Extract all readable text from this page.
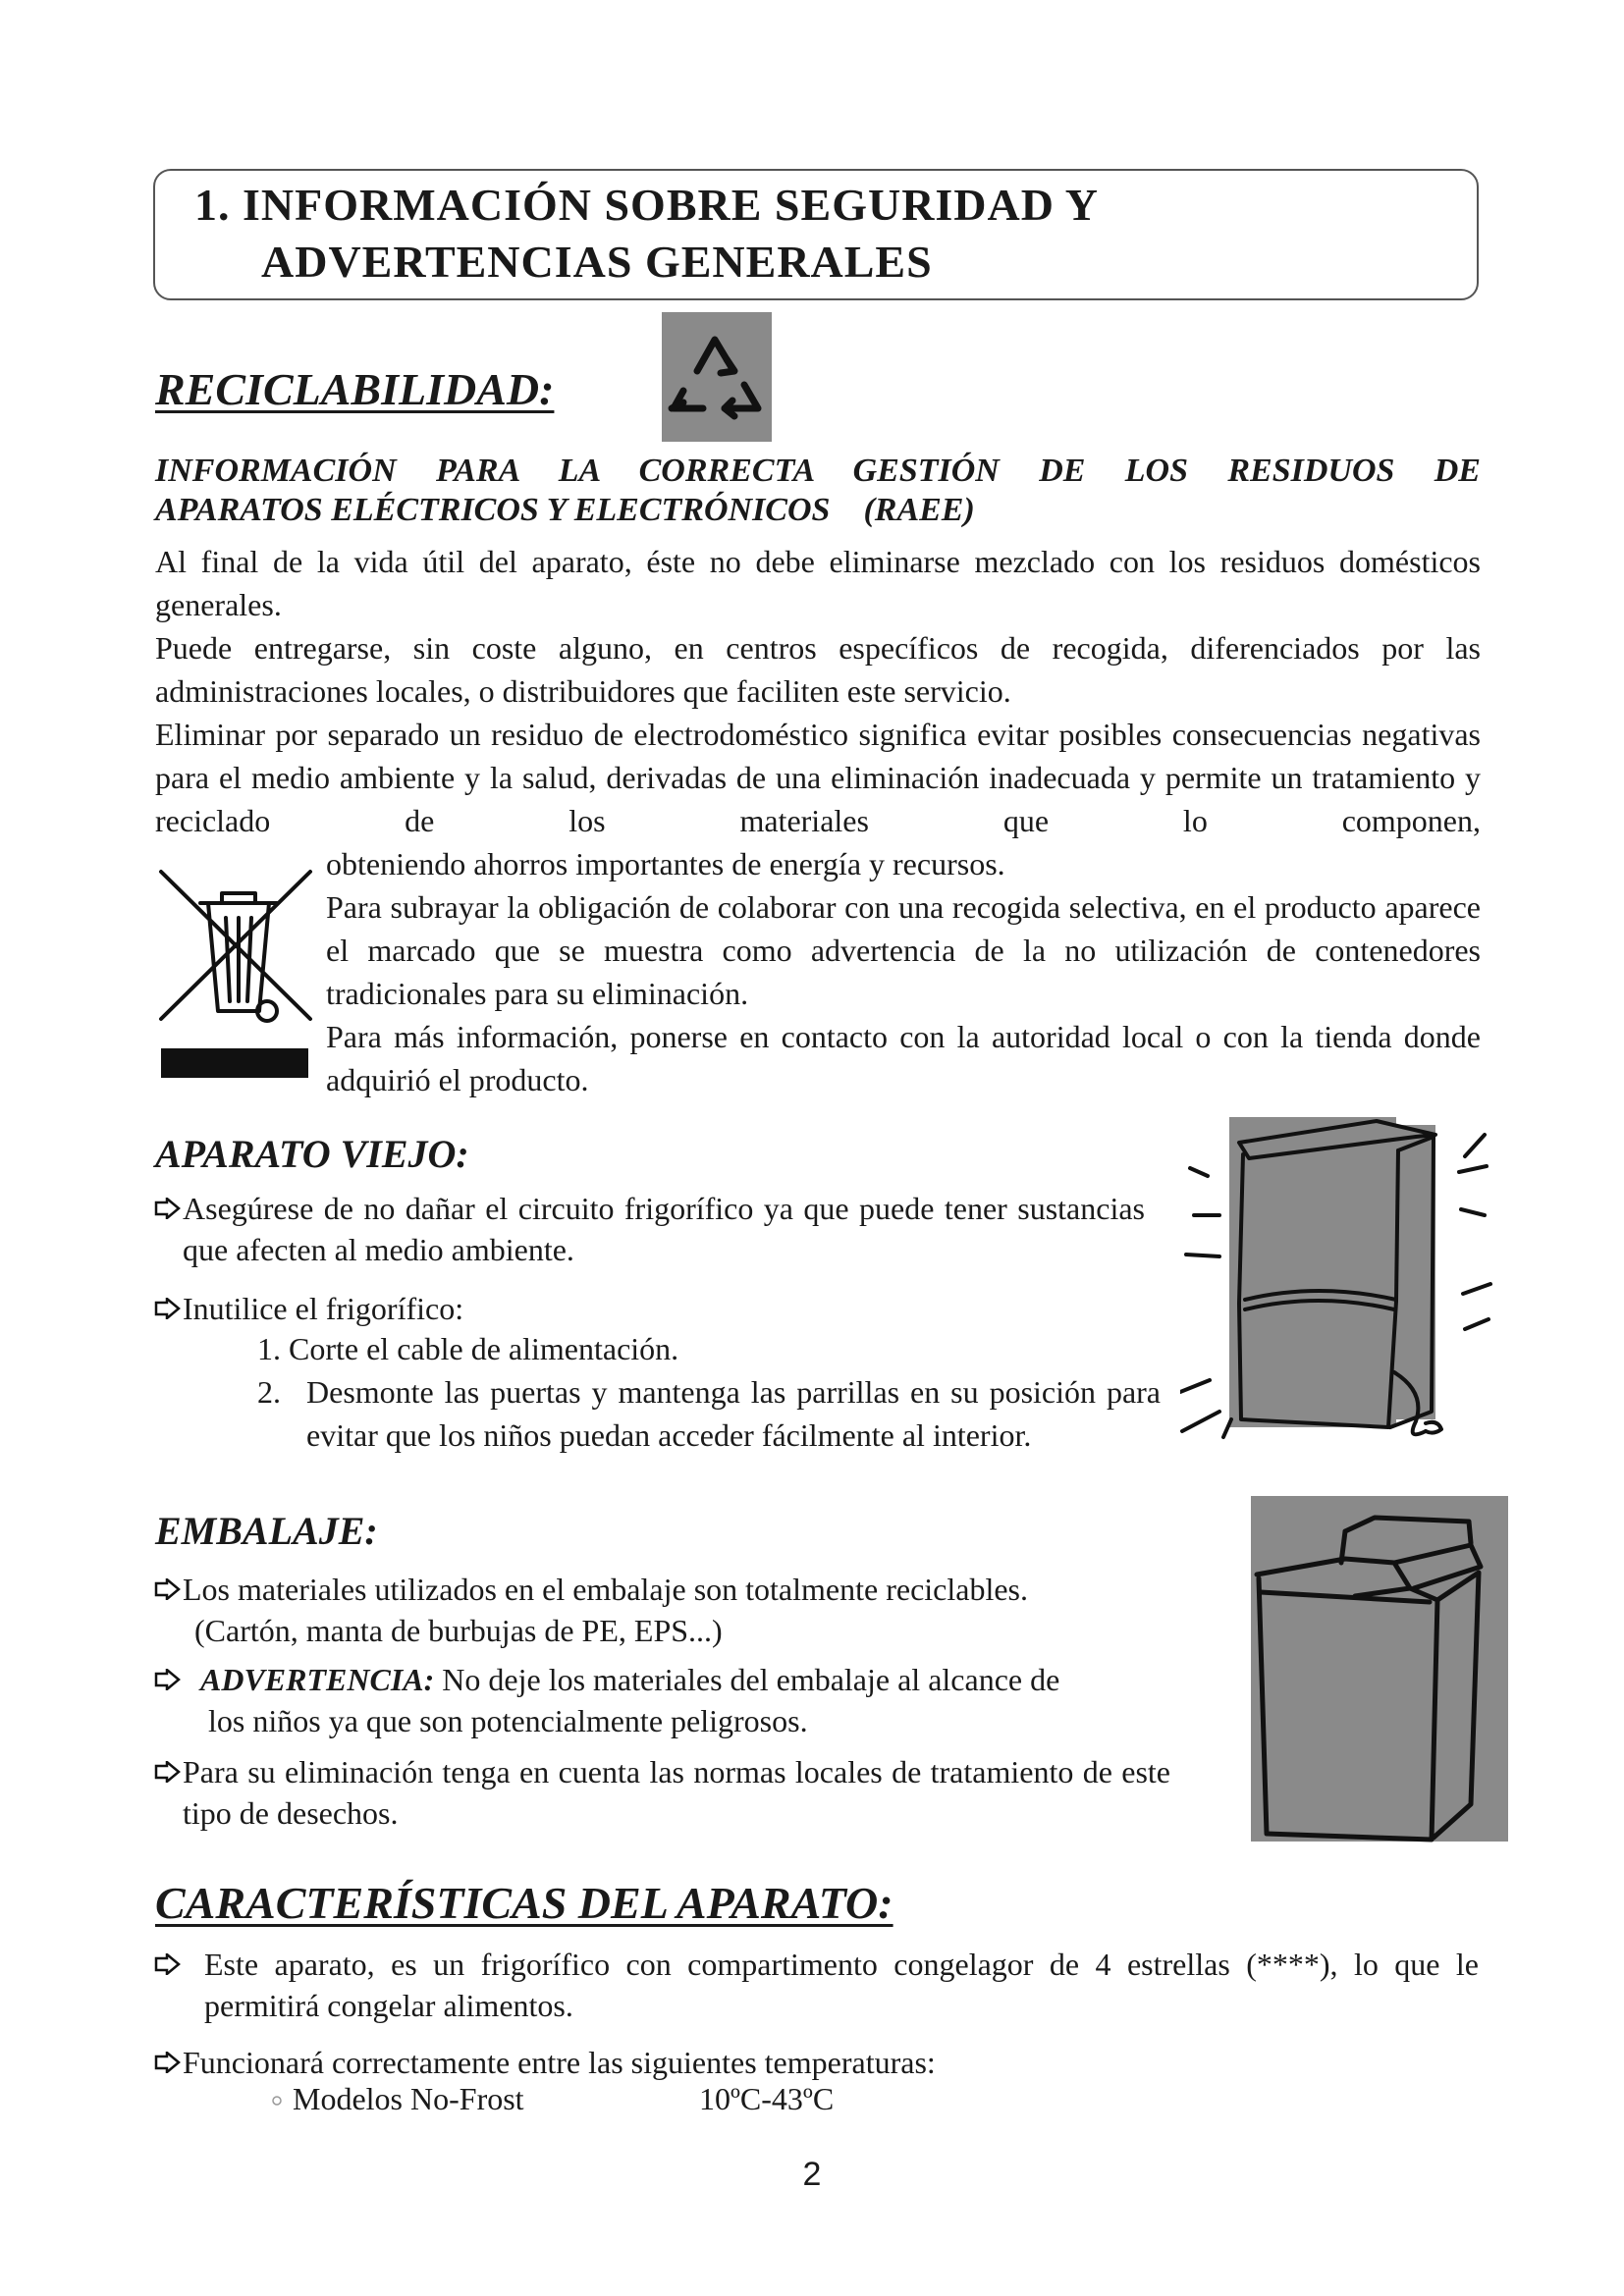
1. INFORMACIÓN SOBRE SEGURIDAD Y
ADVERTENCIAS GENERALES
RECICLABILIDAD:
INFORMACIÓN PARA LA CORRECTA GESTIÓN DE LOS RESIDUOS DE
APARATOS ELÉCTRICOS Y ELECTRÓNICOS    (RAEE)
Al final de la vida útil del aparato, éste no debe eliminarse mezclado con los residuos domésticos generales.
Puede entregarse, sin coste alguno, en centros específicos de recogida, diferenciados por las administraciones locales, o distribuidores que faciliten este servicio.
Eliminar por separado un residuo de electrodoméstico significa evitar posibles consecuencias negativas para el medio ambiente y la salud, derivadas de una eliminación inadecuada y permite un tratamiento y reciclado de los materiales que lo componen,
obteniendo ahorros importantes de energía y recursos.
Para subrayar la obligación de colaborar con una recogida selectiva, en el producto aparece el marcado que se muestra como advertencia de la no utilización de contenedores tradicionales para su eliminación.
Para más información, ponerse en contacto con la autoridad local o con la tienda donde adquirió el producto.
APARATO VIEJO:
Asegúrese de no dañar el circuito frigorífico ya que puede tener sustancias que afecten al medio ambiente.
Inutilice el frigorífico:
1. Corte el cable de alimentación.
2. Desmonte las puertas y mantenga las parrillas en su posición para evitar que los niños puedan acceder fácilmente al interior.
EMBALAJE:
Los materiales utilizados en el embalaje son totalmente reciclables.
(Cartón, manta de burbujas de PE, EPS...)
ADVERTENCIA: No deje los materiales del embalaje al alcance de
los niños ya que son potencialmente peligrosos.
Para su eliminación tenga en cuenta las normas locales de tratamiento de este tipo de desechos.
CARACTERÍSTICAS DEL APARATO:
Este aparato, es un frigorífico con compartimento congelagor de 4 estrellas (****), lo que le permitirá congelar alimentos.
Funcionará correctamente entre las siguientes temperaturas:
Modelos No-Frost	10ºC-43ºC
2
